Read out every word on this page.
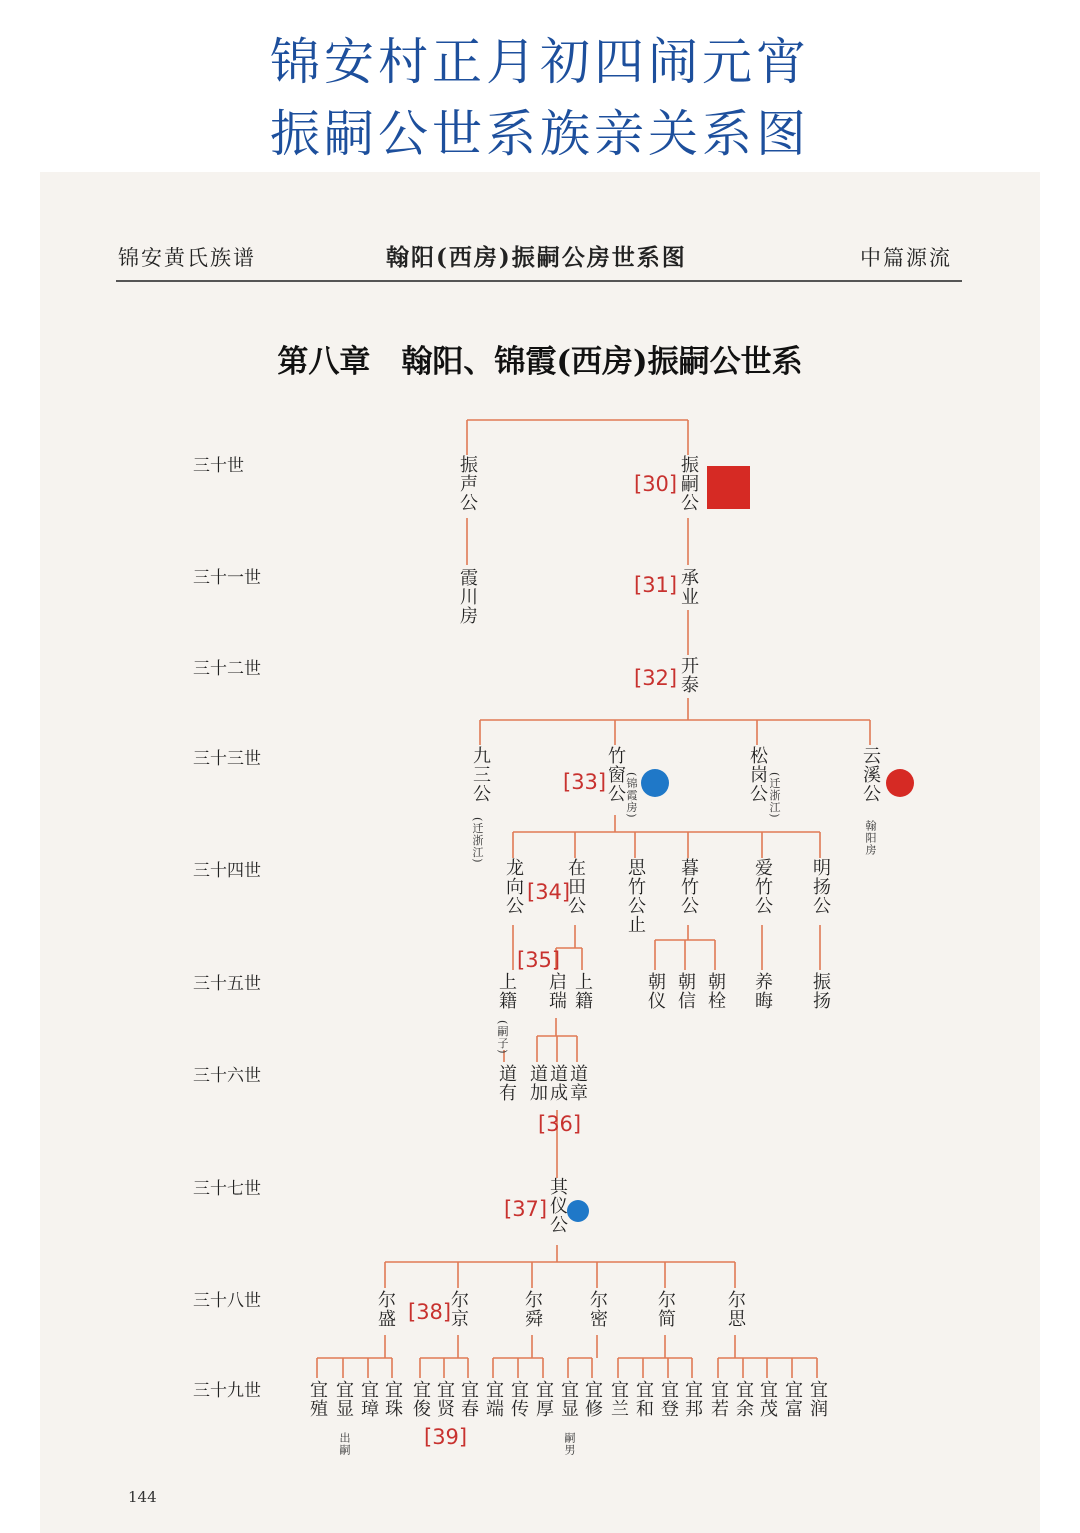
锦安村正月初四闹元宵
振嗣公世系族亲关系图
锦安黄氏族谱	翰阳(西房)振嗣公房世系图	中篇源流
第八章　翰阳、锦霞(西房)振嗣公世系
三十世
三十一世
三十二世
三十三世
三十四世
三十五世
三十六世
三十七世
三十八世
三十九世
振声公	振嗣公
[30]
霞川房	承业
[31]
开泰
[32]
九三公
(迁浙江)
竹窗公 (锦霞房)
[33]	松岗公 (迁浙江)	云溪公
翰阳房
龙向公 在田公
[34]	思竹公止 暮竹公	爱竹公 明扬公
[35]
上籍
(嗣子)
启瑞 上籍	朝仪 朝信 朝栓 养晦 振扬
道有 道加 道成 道章
[36]
其仪公
[37]
尔盛	尔京
[38]	尔舜 尔密	尔简	尔思
宜殖 宜显
出嗣
宜璋 宜珠 宜俊 宜贤 宜春
[39]
宜端 宜传 宜厚 宜显
嗣男
宜修 宜兰 宜和 宜登 宜邦 宜若 宜余 宜茂 宜富 宜润
144
